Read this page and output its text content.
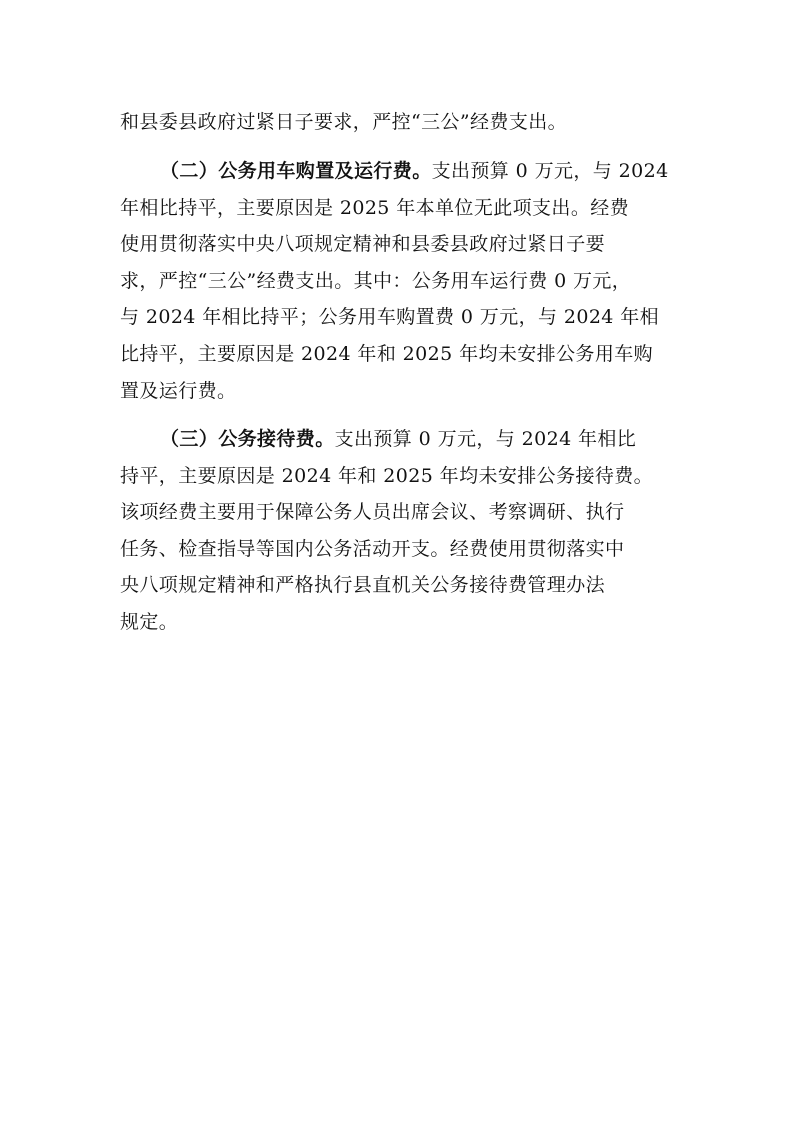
和县委县政府过紧日子要求，严控“三公”经费支出。
（二）公务用车购置及运行费。支出预算 0 万元，与 2024
年相比持平，主要原因是 2025 年本单位无此项支出。经费
使用贯彻落实中央八项规定精神和县委县政府过紧日子要
求，严控“三公”经费支出。其中：公务用车运行费 0 万元，
与 2024 年相比持平；公务用车购置费 0 万元，与 2024 年相
比持平，主要原因是 2024 年和 2025 年均未安排公务用车购
置及运行费。
（三）公务接待费。支出预算 0 万元，与 2024 年相比
持平，主要原因是 2024 年和 2025 年均未安排公务接待费。
该项经费主要用于保障公务人员出席会议、考察调研、执行
任务、检查指导等国内公务活动开支。经费使用贯彻落实中
央八项规定精神和严格执行县直机关公务接待费管理办法
规定。
